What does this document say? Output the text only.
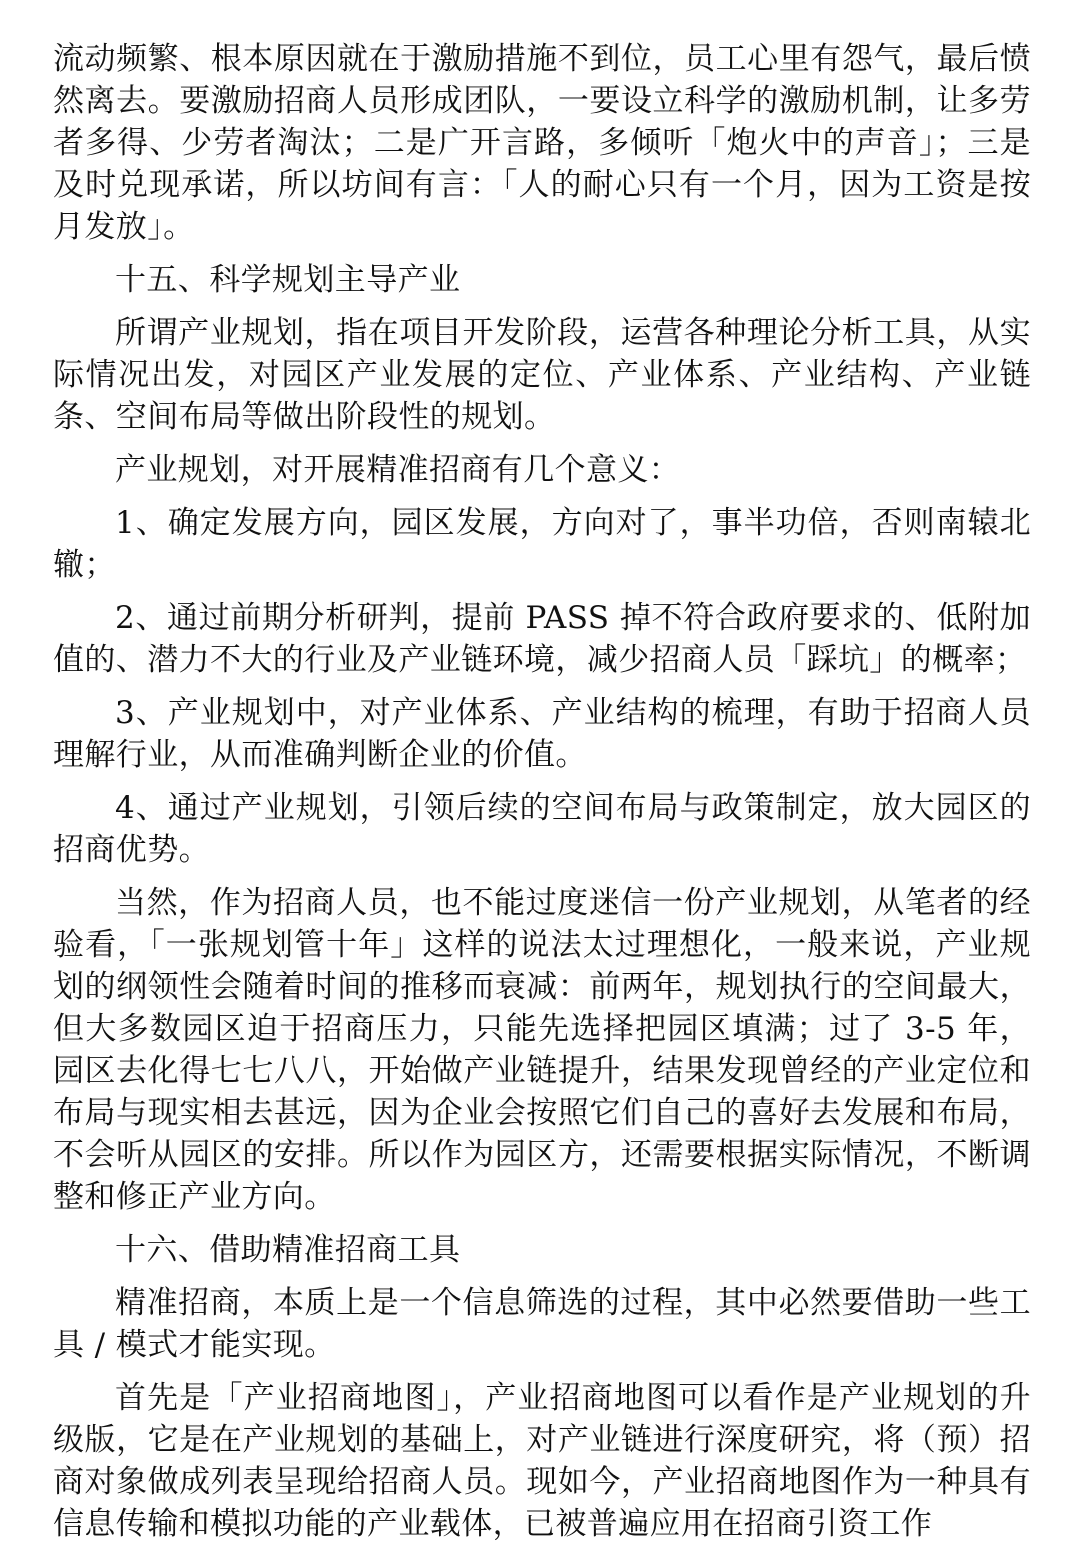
流动频繁、根本原因就在于激励措施不到位，员工心里有怨气，最后愤然离去。要激励招商人员形成团队，一要设立科学的激励机制，让多劳者多得、少劳者淘汰；二是广开言路，多倾听「炮火中的声音」；三是及时兑现承诺，所以坊间有言：「人的耐心只有一个月，因为工资是按月发放」。

十五、科学规划主导产业

所谓产业规划，指在项目开发阶段，运营各种理论分析工具，从实际情况出发，对园区产业发展的定位、产业体系、产业结构、产业链条、空间布局等做出阶段性的规划。

产业规划，对开展精准招商有几个意义：

1、确定发展方向，园区发展，方向对了，事半功倍，否则南辕北辙；

2、通过前期分析研判，提前 PASS 掉不符合政府要求的、低附加值的、潜力不大的行业及产业链环境，减少招商人员「踩坑」的概率；

3、产业规划中，对产业体系、产业结构的梳理，有助于招商人员理解行业，从而准确判断企业的价值。

4、通过产业规划，引领后续的空间布局与政策制定，放大园区的招商优势。

当然，作为招商人员，也不能过度迷信一份产业规划，从笔者的经验看，「一张规划管十年」这样的说法太过理想化，一般来说，产业规划的纲领性会随着时间的推移而衰减：前两年，规划执行的空间最大，但大多数园区迫于招商压力，只能先选择把园区填满；过了 3-5 年，园区去化得七七八八，开始做产业链提升，结果发现曾经的产业定位和布局与现实相去甚远，因为企业会按照它们自己的喜好去发展和布局，不会听从园区的安排。所以作为园区方，还需要根据实际情况，不断调整和修正产业方向。

十六、借助精准招商工具

精准招商，本质上是一个信息筛选的过程，其中必然要借助一些工具 / 模式才能实现。

首先是「产业招商地图」，产业招商地图可以看作是产业规划的升级版，它是在产业规划的基础上，对产业链进行深度研究，将（预）招商对象做成列表呈现给招商人员。现如今，产业招商地图作为一种具有信息传输和模拟功能的产业载体，已被普遍应用在招商引资工作
